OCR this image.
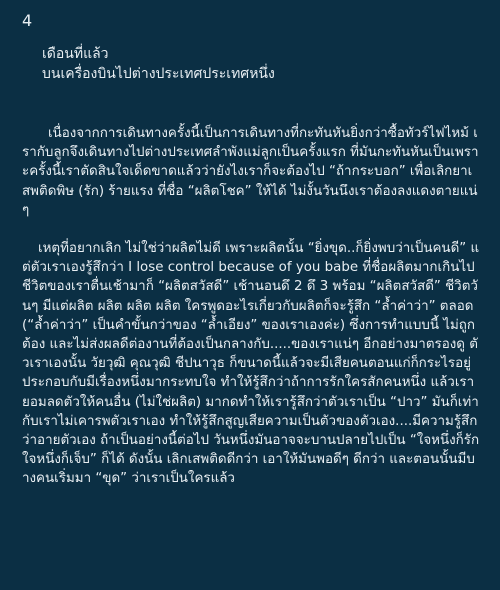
4
เดือนที่แล้ว
บนเครื่องบินไปต่างประเทศประเทศหนึ่ง

เนื่องจากการเดินทางครั้งนี้เป็นการเดินทางที่กะทันหันยิ่งกว่าซื้อทัวร์ไฟไหม้ เรากับลูกจึงเดินทางไปต่างประเทศลำพังแม่ลูกเป็นครั้งแรก ที่มันกะทันหันเป็นเพราะครั้งนี้เราตัดสินใจเด็ดขาดแล้วว่ายังไงเราก็จะต้องไป “ถ้ากระบอก” เพื่อเลิกยาเสพติดพิษ (รัก) ร้ายแรง ที่ชื่อ “ผลิตโชค” ให้ได้ ไม่งั้นวันนึงเราต้องลงแดงตายแน่ๆ

เหตุที่อยากเลิก ไม่ใช่ว่าผลิตไม่ดี เพราะผลิตนั้น “ยิ่งขุด..ก็ยิ่งพบว่าเป็นคนดี” แต่ตัวเราเองรู้สึกว่า I lose control because of you babe ที่ชื่อผลิตมากเกินไป ชีวิตของเราตื่นเช้ามาก็ “ผลิตสวัสดี” เช้านอนดึ 2 ดึ 3 พร้อม “ผลิตสวัสดี” ชีวิตวันๆ มีแต่ผลิต ผลิต ผลิต ผลิต ใครพูดอะไรเกี่ยวกับผลิตก็จะรู้สึก “ล้ำค่าว่า” ตลอด (“ล้ำค่าว่า” เป็นคำขั้นกว่าของ “ล้ำเอียง” ของเราเองค่ะ) ซึ่งการทำแบบนี้ ไม่ถูกต้อง และไม่ส่งผลดีต่องานที่ต้องเป็นกลางกับ.....ของเราแน่ๆ อีกอย่างมาตรองดู ตัวเราเองนั้น วัยวุฒิ คุณวุฒิ ชีปนาวุธ ก็ขนาดนี้แล้วจะมีเสียคนตอนแก่ก็กระไรอยู่ ประกอบกับมีเรื่องหนึ่งมากระทบใจ ทำให้รู้สึกว่าถ้าการรักใครสักคนหนึ่ง แล้วเรายอมลดตัวให้คนอื่น (ไม่ใช่ผลิต) มากดทำให้เรารู้สึกว่าตัวเราเป็น “ปาว” มันก็เท่ากับเราไม่เคารพตัวเราเอง ทำให้รู้สึกสูญเสียความเป็นตัวของตัวเอง....มีความรู้สึกว่าอายตัวเอง ถ้าเป็นอย่างนี้ต่อไป วันหนึ่งมันอาจจะบานปลายไปเป็น “ใจหนึ่งก็รัก ใจหนึ่งก็เจ็บ” ก็ได้ ดังนั้น เลิกเสพติดดีกว่า เอาให้มันพอดีๆ ดีกว่า และตอนนั้นมีบางคนเริ่มมา “ขุด” ว่าเราเป็นใครแล้ว
